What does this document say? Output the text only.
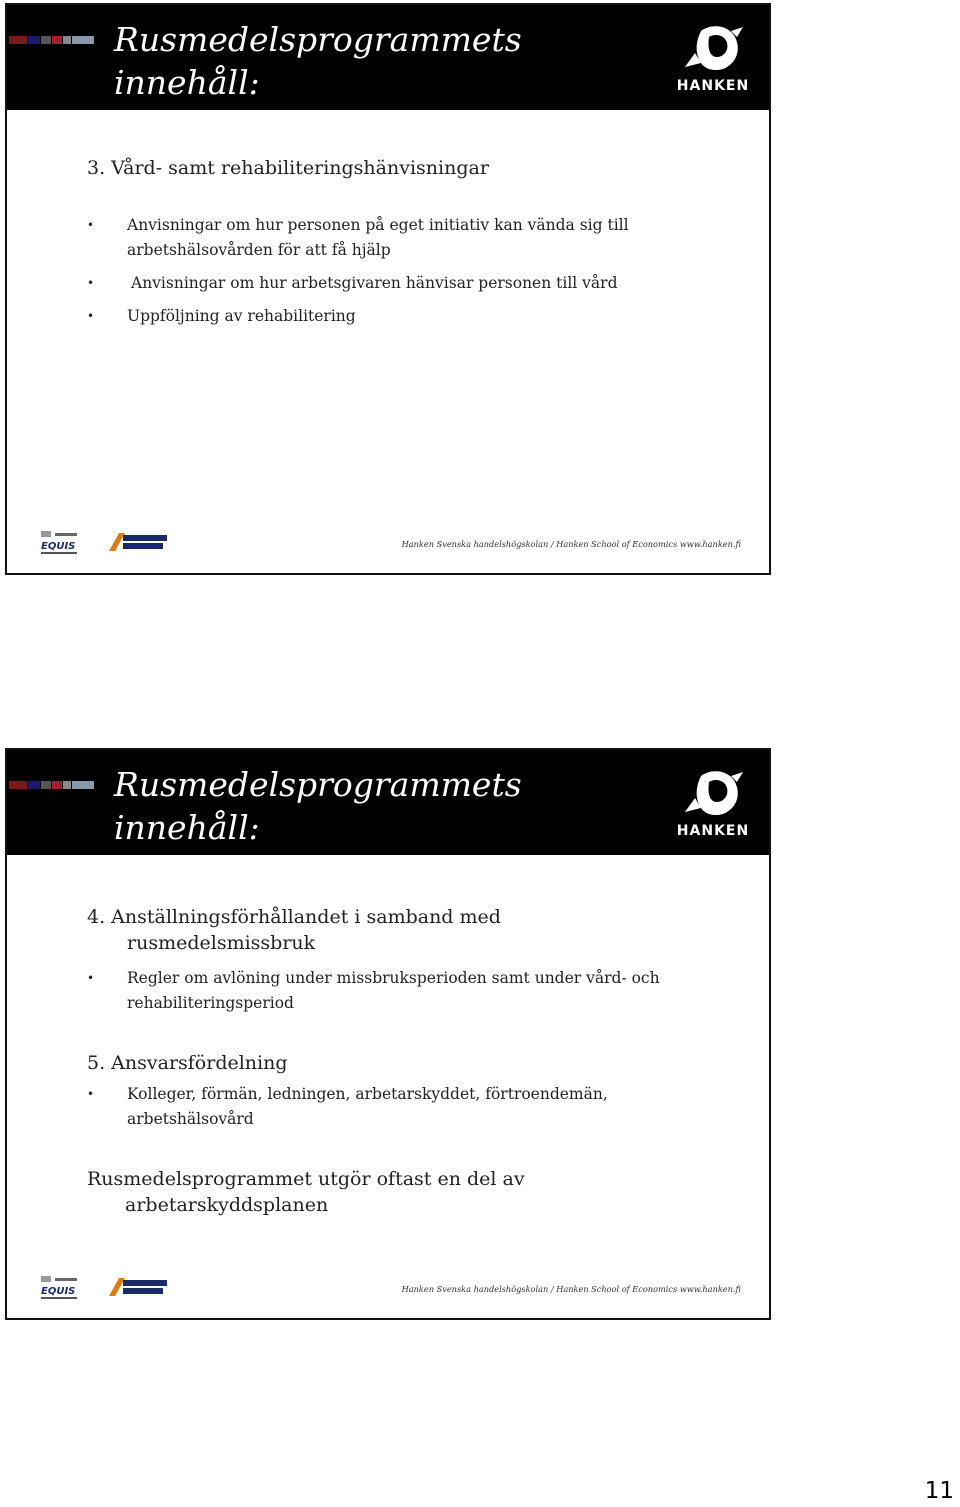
Rusmedelsprogrammets
innehåll:	HANKEN
3. Vård- samt rehabiliteringshänvisningar
• Anvisningar om hur personen på eget initiativ kan vända sig till
arbetshälsovården för att få hjälp
• Anvisningar om hur arbetsgivaren hänvisar personen till vård
• Uppföljning av rehabilitering
EQUIS	Hanken Svenska handelshögskolan / Hanken School of Economics www.hanken.fi
Rusmedelsprogrammets
innehåll:	HANKEN
4. Anställningsförhållandet i samband med
rusmedelsmissbruk
• Regler om avlöning under missbruksperioden samt under vård- och
rehabiliteringsperiod
5. Ansvarsfördelning
• Kolleger, förmän, ledningen, arbetarskyddet, förtroendemän,
arbetshälsovård
Rusmedelsprogrammet utgör oftast en del av
arbetarskyddsplanen
EQUIS	Hanken Svenska handelshögskolan / Hanken School of Economics www.hanken.fi
11
